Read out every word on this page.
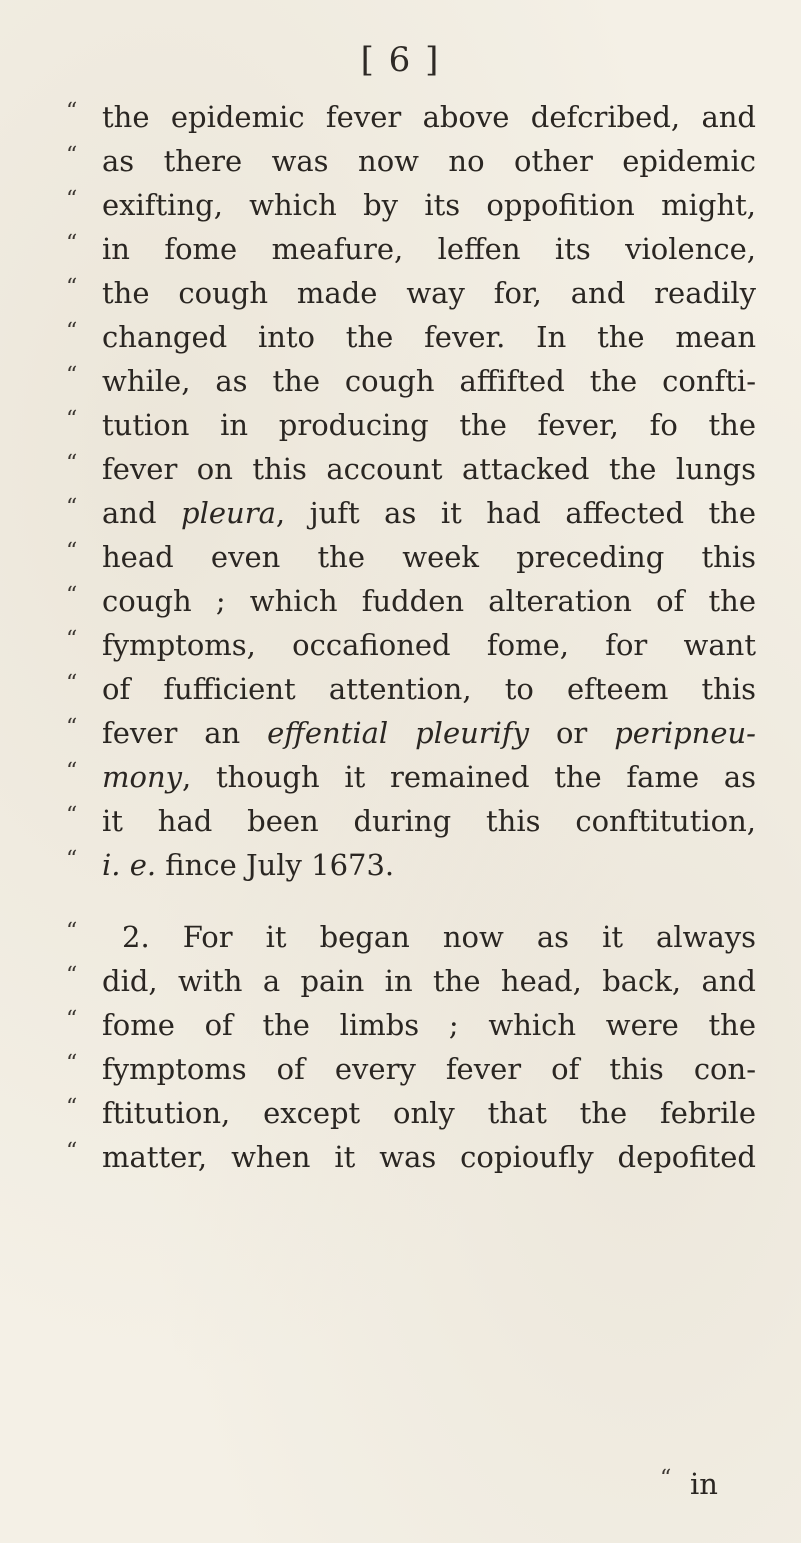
[ 6 ]
“ the epidemic fever above defcribed, and
“ as there was now no other epidemic
“ exifting, which by its oppofition might,
“ in fome meafure, leffen its violence,
“ the cough made way for, and readily
“ changed into the fever. In the mean
“ while, as the cough affifted the confti-
“ tution in producing the fever, fo the
“ fever on this account attacked the lungs
“ and pleura, juft as it had affected the
“ head even the week preceding this
“ cough ; which fudden alteration of the
“ fymptoms, occafioned fome, for want
“ of fufficient attention, to efteem this
“ fever an effential pleurify or peripneu-
“ mony, though it remained the fame as
“ it had been during this conftitution,
“ i. e. fince July 1673.
“ 2. For it began now as it always
“ did, with a pain in the head, back, and
“ fome of the limbs ; which were the
“ fymptoms of every fever of this con-
“ ftitution, except only that the febrile
“ matter, when it was copioufly depofited
“ in
